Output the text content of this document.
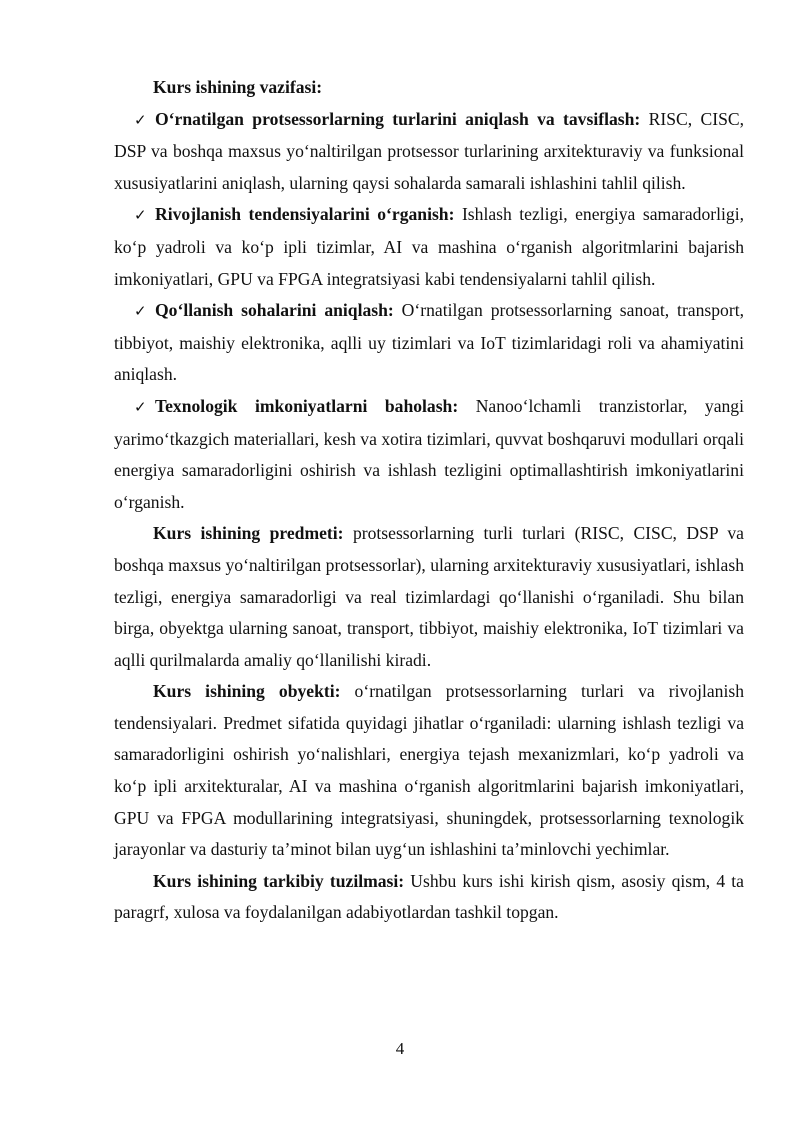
Kurs ishining vazifasi:

✓ O‘rnatilgan protsessorlarning turlarini aniqlash va tavsiflash: RISC, CISC, DSP va boshqa maxsus yo‘naltirilgan protsessor turlarining arxitekturaviy va funksional xususiyatlarini aniqlash, ularning qaysi sohalarda samarali ishlashini tahlil qilish.

✓ Rivojlanish tendensiyalarini o‘rganish: Ishlash tezligi, energiya samaradorligi, ko‘p yadroli va ko‘p ipli tizimlar, AI va mashina o‘rganish algoritmlarini bajarish imkoniyatlari, GPU va FPGA integratsiyasi kabi tendensiyalarni tahlil qilish.

✓ Qo‘llanish sohalarini aniqlash: O‘rnatilgan protsessorlarning sanoat, transport, tibbiyot, maishiy elektronika, aqlli uy tizimlari va IoT tizimlaridagi roli va ahamiyatini aniqlash.

✓ Texnologik imkoniyatlarni baholash: Nanoo‘lchamli tranzistorlar, yangi yarimo‘tkazgich materiallari, kesh va xotira tizimlari, quvvat boshqaruvi modullari orqali energiya samaradorligini oshirish va ishlash tezligini optimallashtirish imkoniyatlarini o‘rganish.

Kurs ishining predmeti: protsessorlarning turli turlari (RISC, CISC, DSP va boshqa maxsus yo‘naltirilgan protsessorlar), ularning arxitekturaviy xususiyatlari, ishlash tezligi, energiya samaradorligi va real tizimlardagi qo‘llanishi o‘rganiladi. Shu bilan birga, obyektga ularning sanoat, transport, tibbiyot, maishiy elektronika, IoT tizimlari va aqlli qurilmalarda amaliy qo‘llanilishi kiradi.

Kurs ishining obyekti: o‘rnatilgan protsessorlarning turlari va rivojlanish tendensiyalari. Predmet sifatida quyidagi jihatlar o‘rganiladi: ularning ishlash tezligi va samaradorligini oshirish yo‘nalishlari, energiya tejash mexanizmlari, ko‘p yadroli va ko‘p ipli arxitekturalar, AI va mashina o‘rganish algoritmlarini bajarish imkoniyatlari, GPU va FPGA modullarining integratsiyasi, shuningdek, protsessorlarning texnologik jarayonlar va dasturiy ta’minot bilan uyg‘un ishlashini ta’minlovchi yechimlar.

Kurs ishining tarkibiy tuzilmasi: Ushbu kurs ishi kirish qism, asosiy qism, 4 ta paragrf, xulosa va foydalanilgan adabiyotlardan tashkil topgan.

4
